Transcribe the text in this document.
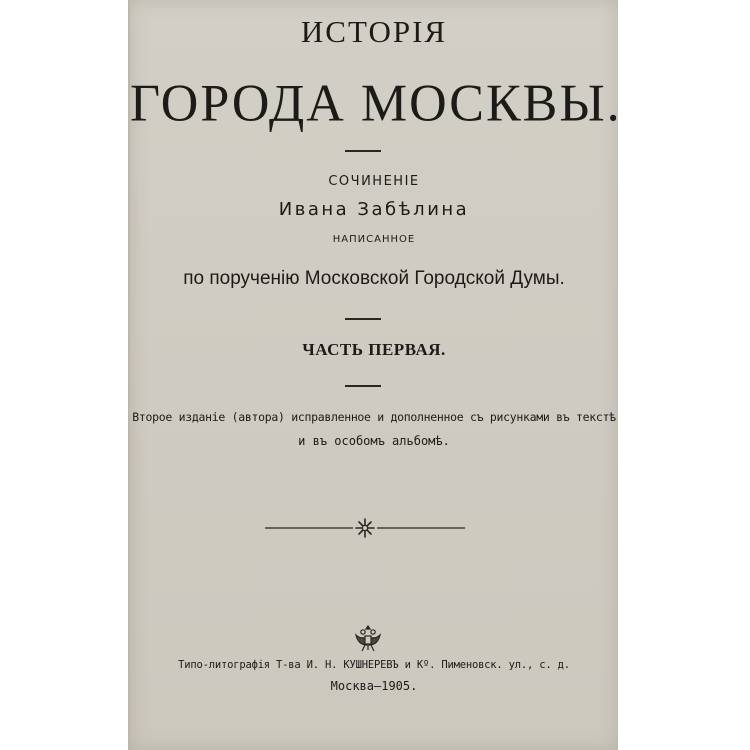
ИСТОРІЯ
ГОРОДА МОСКВЫ.
СОЧИНЕНІЕ
Ивана Забѣлина
НАПИСАННОЕ
по порученію Московской Городской Думы.
ЧАСТЬ ПЕРВАЯ.
Второе изданіе (автора) исправленное и дополненное съ рисунками въ текстѣ
и въ особомъ альбомѣ.
Типо-литографія Т-ва И. Н. КУШНЕРЕВЪ и Кº. Пименовск. ул., с. д.
Москва—1905.
